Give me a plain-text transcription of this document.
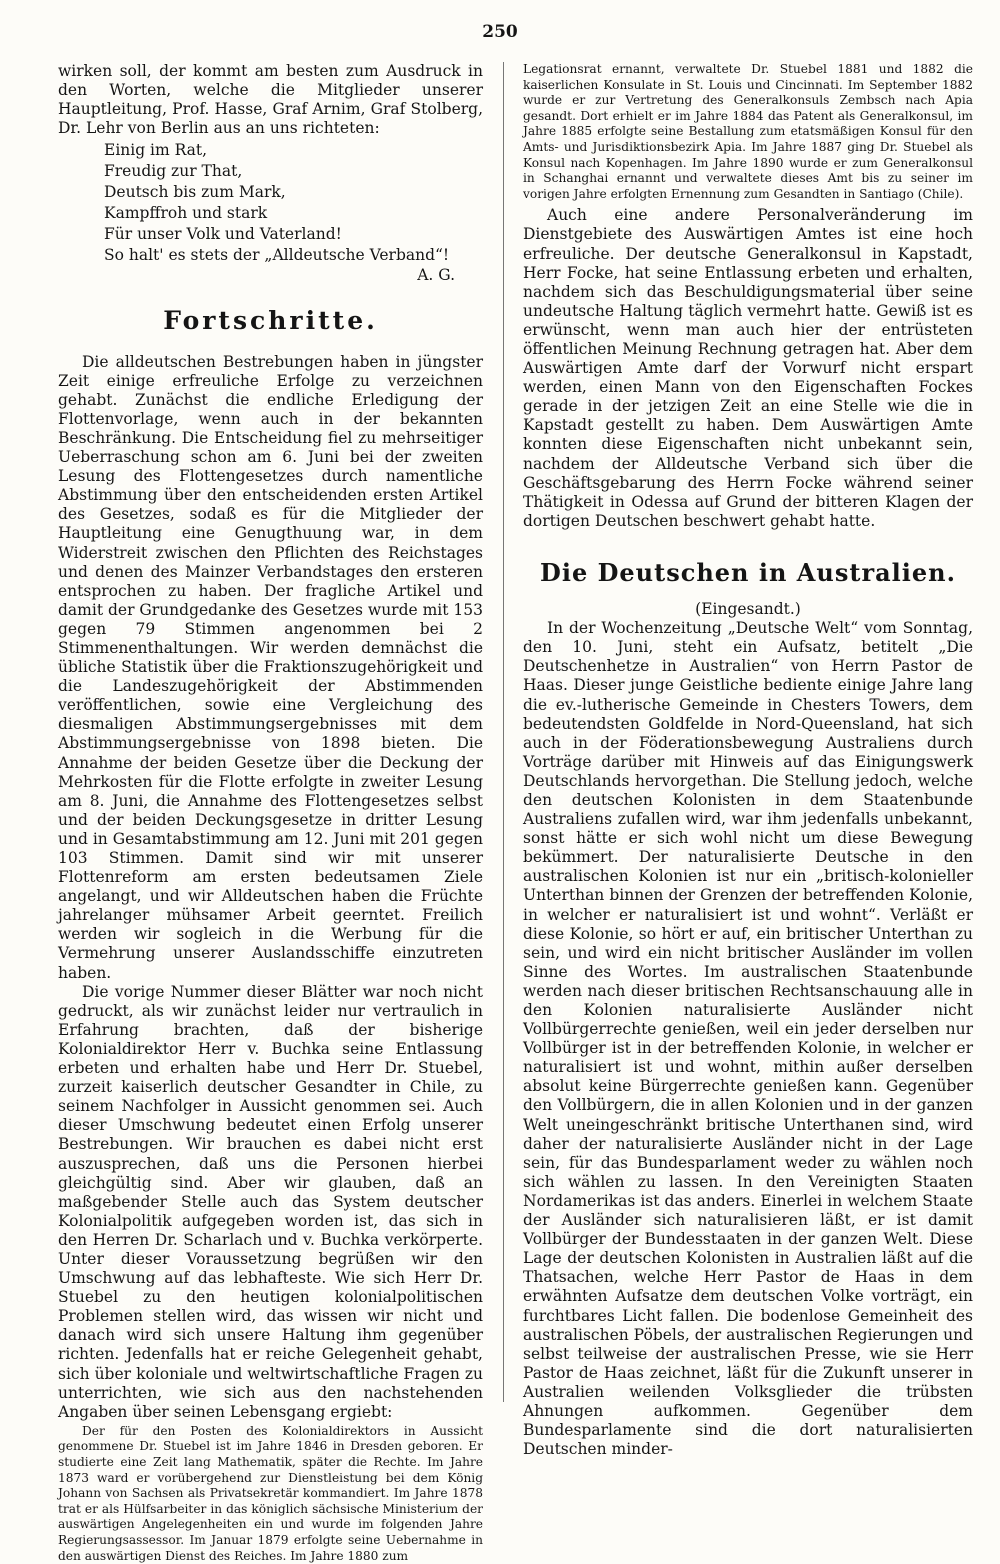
250

wirken soll, der kommt am besten zum Ausdruck in den Worten, welche die Mitglieder unserer Hauptleitung, Prof. Hasse, Graf Arnim, Graf Stolberg, Dr. Lehr von Berlin aus an uns richteten:

Einig im Rat,
Freudig zur That,
Deutsch bis zum Mark,
Kampffroh und stark
Für unser Volk und Vaterland!
So halt' es stets der „Alldeutsche Verband“!

A. G.

Fortschritte.

Die alldeutschen Bestrebungen haben in jüngster Zeit einige erfreuliche Erfolge zu verzeichnen gehabt. Zunächst die endliche Erledigung der Flottenvorlage, wenn auch in der bekannten Beschränkung. Die Entscheidung fiel zu mehrseitiger Ueberraschung schon am 6. Juni bei der zweiten Lesung des Flottengesetzes durch namentliche Abstimmung über den entscheidenden ersten Artikel des Gesetzes, sodaß es für die Mitglieder der Hauptleitung eine Genugthuung war, in dem Widerstreit zwischen den Pflichten des Reichstages und denen des Mainzer Verbandstages den ersteren entsprochen zu haben. Der fragliche Artikel und damit der Grundgedanke des Gesetzes wurde mit 153 gegen 79 Stimmen angenommen bei 2 Stimmenenthaltungen. Wir werden demnächst die übliche Statistik über die Fraktionszugehörigkeit und die Landeszugehörigkeit der Abstimmenden veröffentlichen, sowie eine Vergleichung des diesmaligen Abstimmungsergebnisses mit dem Abstimmungsergebnisse von 1898 bieten. Die Annahme der beiden Gesetze über die Deckung der Mehrkosten für die Flotte erfolgte in zweiter Lesung am 8. Juni, die Annahme des Flottengesetzes selbst und der beiden Deckungsgesetze in dritter Lesung und in Gesamtabstimmung am 12. Juni mit 201 gegen 103 Stimmen. Damit sind wir mit unserer Flottenreform am ersten bedeutsamen Ziele angelangt, und wir Alldeutschen haben die Früchte jahrelanger mühsamer Arbeit geerntet. Freilich werden wir sogleich in die Werbung für die Vermehrung unserer Auslandsschiffe einzutreten haben.

Die vorige Nummer dieser Blätter war noch nicht gedruckt, als wir zunächst leider nur vertraulich in Erfahrung brachten, daß der bisherige Kolonialdirektor Herr v. Buchka seine Entlassung erbeten und erhalten habe und Herr Dr. Stuebel, zurzeit kaiserlich deutscher Gesandter in Chile, zu seinem Nachfolger in Aussicht genommen sei. Auch dieser Umschwung bedeutet einen Erfolg unserer Bestrebungen. Wir brauchen es dabei nicht erst auszusprechen, daß uns die Personen hierbei gleichgültig sind. Aber wir glauben, daß an maßgebender Stelle auch das System deutscher Kolonialpolitik aufgegeben worden ist, das sich in den Herren Dr. Scharlach und v. Buchka verkörperte. Unter dieser Voraussetzung begrüßen wir den Umschwung auf das lebhafteste. Wie sich Herr Dr. Stuebel zu den heutigen kolonialpolitischen Problemen stellen wird, das wissen wir nicht und danach wird sich unsere Haltung ihm gegenüber richten. Jedenfalls hat er reiche Gelegenheit gehabt, sich über koloniale und weltwirtschaftliche Fragen zu unterrichten, wie sich aus den nachstehenden Angaben über seinen Lebensgang ergiebt:

Der für den Posten des Kolonialdirektors in Aussicht genommene Dr. Stuebel ist im Jahre 1846 in Dresden geboren. Er studierte eine Zeit lang Mathematik, später die Rechte. Im Jahre 1873 ward er vorübergehend zur Dienstleistung bei dem König Johann von Sachsen als Privatsekretär kommandiert. Im Jahre 1878 trat er als Hülfsarbeiter in das königlich sächsische Ministerium der auswärtigen Angelegenheiten ein und wurde im folgenden Jahre Regierungsassessor. Im Januar 1879 erfolgte seine Uebernahme in den auswärtigen Dienst des Reiches. Im Jahre 1880 zum

Legationsrat ernannt, verwaltete Dr. Stuebel 1881 und 1882 die kaiserlichen Konsulate in St. Louis und Cincinnati. Im September 1882 wurde er zur Vertretung des Generalkonsuls Zembsch nach Apia gesandt. Dort erhielt er im Jahre 1884 das Patent als Generalkonsul, im Jahre 1885 erfolgte seine Bestallung zum etatsmäßigen Konsul für den Amts- und Jurisdiktionsbezirk Apia. Im Jahre 1887 ging Dr. Stuebel als Konsul nach Kopenhagen. Im Jahre 1890 wurde er zum Generalkonsul in Schanghai ernannt und verwaltete dieses Amt bis zu seiner im vorigen Jahre erfolgten Ernennung zum Gesandten in Santiago (Chile).

Auch eine andere Personalveränderung im Dienstgebiete des Auswärtigen Amtes ist eine hoch erfreuliche. Der deutsche Generalkonsul in Kapstadt, Herr Focke, hat seine Entlassung erbeten und erhalten, nachdem sich das Beschuldigungsmaterial über seine undeutsche Haltung täglich vermehrt hatte. Gewiß ist es erwünscht, wenn man auch hier der entrüsteten öffentlichen Meinung Rechnung getragen hat. Aber dem Auswärtigen Amte darf der Vorwurf nicht erspart werden, einen Mann von den Eigenschaften Fockes gerade in der jetzigen Zeit an eine Stelle wie die in Kapstadt gestellt zu haben. Dem Auswärtigen Amte konnten diese Eigenschaften nicht unbekannt sein, nachdem der Alldeutsche Verband sich über die Geschäftsgebarung des Herrn Focke während seiner Thätigkeit in Odessa auf Grund der bitteren Klagen der dortigen Deutschen beschwert gehabt hatte.

Die Deutschen in Australien.

(Eingesandt.)

In der Wochenzeitung „Deutsche Welt“ vom Sonntag, den 10. Juni, steht ein Aufsatz, betitelt „Die Deutschenhetze in Australien“ von Herrn Pastor de Haas. Dieser junge Geistliche bediente einige Jahre lang die ev.-lutherische Gemeinde in Chesters Towers, dem bedeutendsten Goldfelde in Nord-Queensland, hat sich auch in der Föderationsbewegung Australiens durch Vorträge darüber mit Hinweis auf das Einigungswerk Deutschlands hervorgethan. Die Stellung jedoch, welche den deutschen Kolonisten in dem Staatenbunde Australiens zufallen wird, war ihm jedenfalls unbekannt, sonst hätte er sich wohl nicht um diese Bewegung bekümmert. Der naturalisierte Deutsche in den australischen Kolonien ist nur ein „britisch-kolonieller Unterthan binnen der Grenzen der betreffenden Kolonie, in welcher er naturalisiert ist und wohnt“. Verläßt er diese Kolonie, so hört er auf, ein britischer Unterthan zu sein, und wird ein nicht britischer Ausländer im vollen Sinne des Wortes. Im australischen Staatenbunde werden nach dieser britischen Rechtsanschauung alle in den Kolonien naturalisierte Ausländer nicht Vollbürgerrechte genießen, weil ein jeder derselben nur Vollbürger ist in der betreffenden Kolonie, in welcher er naturalisiert ist und wohnt, mithin außer derselben absolut keine Bürgerrechte genießen kann. Gegenüber den Vollbürgern, die in allen Kolonien und in der ganzen Welt uneingeschränkt britische Unterthanen sind, wird daher der naturalisierte Ausländer nicht in der Lage sein, für das Bundesparlament weder zu wählen noch sich wählen zu lassen. In den Vereinigten Staaten Nordamerikas ist das anders. Einerlei in welchem Staate der Ausländer sich naturalisieren läßt, er ist damit Vollbürger der Bundesstaaten in der ganzen Welt. Diese Lage der deutschen Kolonisten in Australien läßt auf die Thatsachen, welche Herr Pastor de Haas in dem erwähnten Aufsatze dem deutschen Volke vorträgt, ein furchtbares Licht fallen. Die bodenlose Gemeinheit des australischen Pöbels, der australischen Regierungen und selbst teilweise der australischen Presse, wie sie Herr Pastor de Haas zeichnet, läßt für die Zukunft unserer in Australien weilenden Volksglieder die trübsten Ahnungen aufkommen. Gegenüber dem Bundesparlamente sind die dort naturalisierten Deutschen minder-
